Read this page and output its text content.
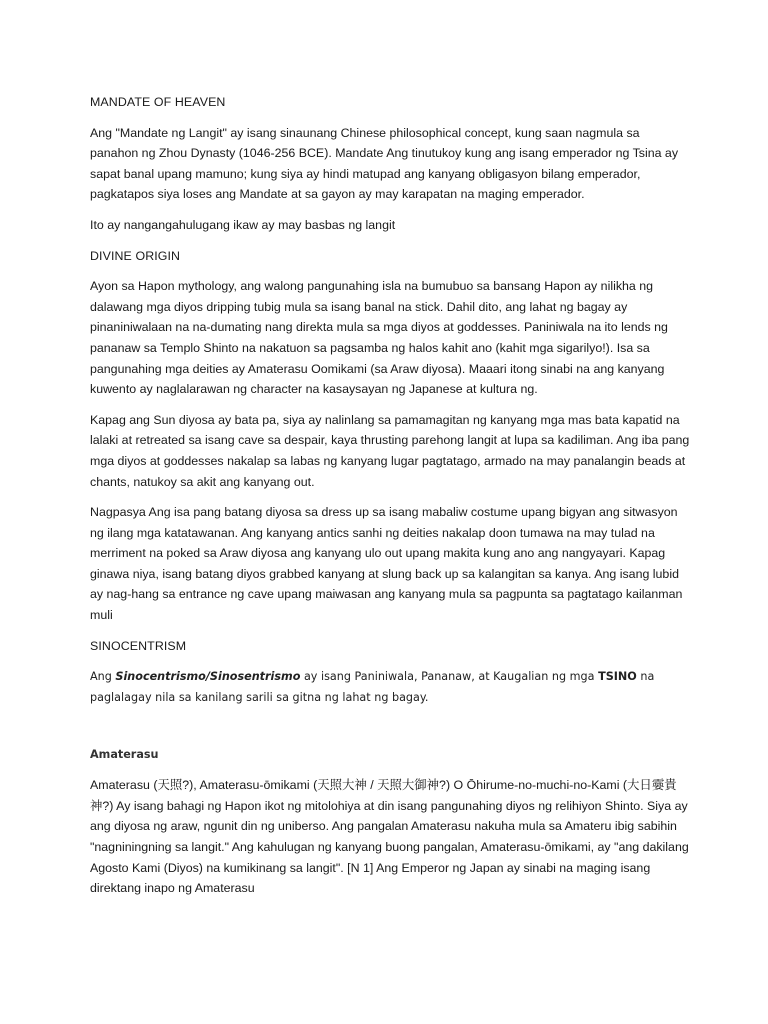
MANDATE OF HEAVEN

Ang "Mandate ng Langit" ay isang sinaunang Chinese philosophical concept, kung saan nagmula sa panahon ng Zhou Dynasty (1046-256 BCE). Mandate Ang tinutukoy kung ang isang emperador ng Tsina ay sapat banal upang mamuno; kung siya ay hindi matupad ang kanyang obligasyon bilang emperador, pagkatapos siya loses ang Mandate at sa gayon ay may karapatan na maging emperador.

Ito ay nangangahulugang ikaw ay may basbas ng langit

DIVINE ORIGIN

Ayon sa Hapon mythology, ang walong pangunahing isla na bumubuo sa bansang Hapon ay nilikha ng dalawang mga diyos dripping tubig mula sa isang banal na stick. Dahil dito, ang lahat ng bagay ay pinaniniwalaan na na-dumating nang direkta mula sa mga diyos at goddesses. Paniniwala na ito lends ng pananaw sa Templo Shinto na nakatuon sa pagsamba ng halos kahit ano (kahit mga sigarilyo!). Isa sa pangunahing mga deities ay Amaterasu Oomikami (sa Araw diyosa). Maaari itong sinabi na ang kanyang kuwento ay naglalarawan ng character na kasaysayan ng Japanese at kultura ng.

Kapag ang Sun diyosa ay bata pa, siya ay nalinlang sa pamamagitan ng kanyang mga mas bata kapatid na lalaki at retreated sa isang cave sa despair, kaya thrusting parehong langit at lupa sa kadiliman. Ang iba pang mga diyos at goddesses nakalap sa labas ng kanyang lugar pagtatago, armado na may panalangin beads at chants, natukoy sa akit ang kanyang out.

Nagpasya Ang isa pang batang diyosa sa dress up sa isang mabaliw costume upang bigyan ang sitwasyon ng ilang mga katatawanan. Ang kanyang antics sanhi ng deities nakalap doon tumawa na may tulad na merriment na poked sa Araw diyosa ang kanyang ulo out upang makita kung ano ang nangyayari. Kapag ginawa niya, isang batang diyos grabbed kanyang at slung back up sa kalangitan sa kanya. Ang isang lubid ay nag-hang sa entrance ng cave upang maiwasan ang kanyang mula sa pagpunta sa pagtatago kailanman muli

SINOCENTRISM

Ang Sinocentrismo/Sinosentrismo ay isang Paniniwala, Pananaw, at Kaugalian ng mga TSINO na paglalagay nila sa kanilang sarili sa gitna ng lahat ng bagay.

Amaterasu

Amaterasu (天照?), Amaterasu-ōmikami (天照大神 / 天照大御神?) O Ōhirume-no-muchi-no-Kami (大日孁貴神?) Ay isang bahagi ng Hapon ikot ng mitolohiya at din isang pangunahing diyos ng relihiyon Shinto. Siya ay ang diyosa ng araw, ngunit din ng uniberso. Ang pangalan Amaterasu nakuha mula sa Amateru ibig sabihin "nagniningning sa langit." Ang kahulugan ng kanyang buong pangalan, Amaterasu-ōmikami, ay "ang dakilang Agosto Kami (Diyos) na kumikinang sa langit". [N 1] Ang Emperor ng Japan ay sinabi na maging isang direktang inapo ng Amaterasu
